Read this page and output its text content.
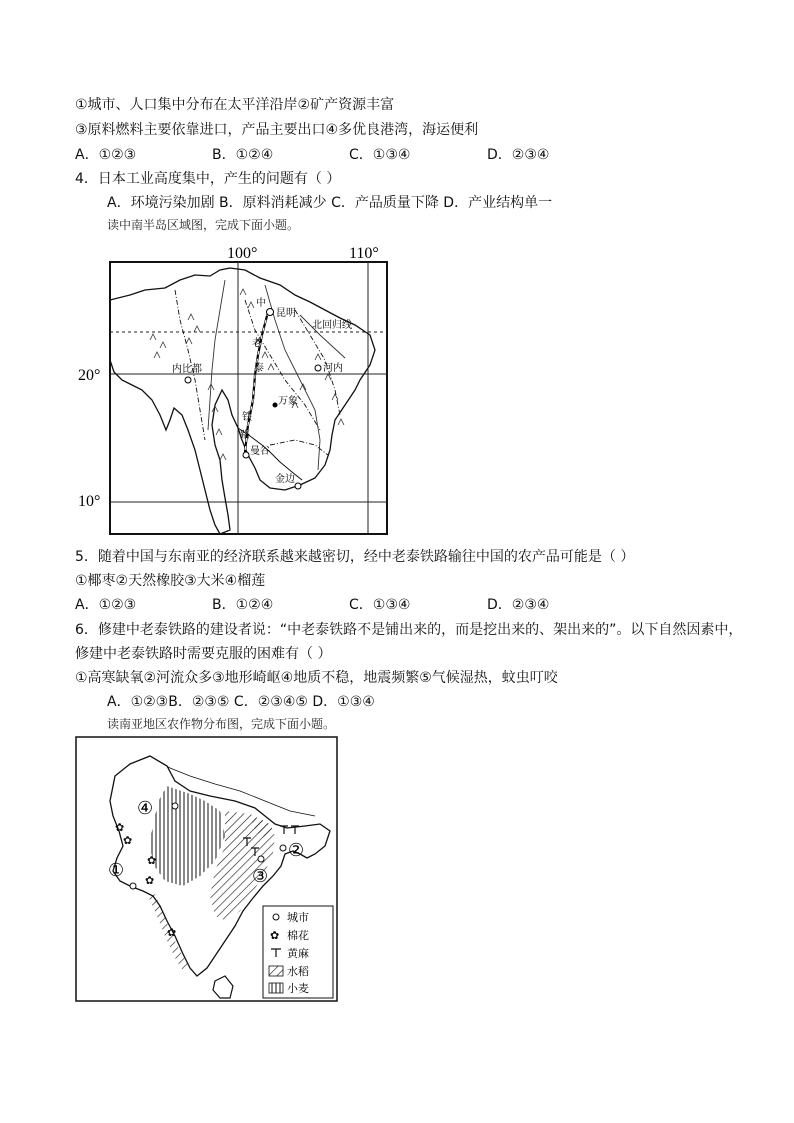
①城市、人口集中分布在太平洋沿岸②矿产资源丰富
③原料燃料主要依靠进口，产品主要出口④多优良港湾，海运便利
A．①②③	B．①②④	C．①③④	D．②③④
4．日本工业高度集中，产生的问题有（ ）
A．环境污染加剧 B．原料消耗减少 C．产品质量下降 D．产业结构单一
读中南半岛区域图，完成下面小题。
100°	110°
20°
10°
北回归线
昆明
中
老
泰
铁
路
河内
内比都
万象
曼谷
金边
5．随着中国与东南亚的经济联系越来越密切，经中老泰铁路输往中国的农产品可能是（ ）
①椰枣②天然橡胶③大米④榴莲
A．①②③	B．①②④	C．①③④	D．②③④
6．修建中老泰铁路的建设者说：“中老泰铁路不是铺出来的，而是挖出来的、架出来的”。以下自然因素中，
修建中老泰铁路时需要克服的困难有（ ）
①高寒缺氧②河流众多③地形崎岖④地质不稳，地震频繁⑤气候湿热，蚊虫叮咬
A．①②③B．②③⑤ C．②③④⑤ D．①③④
读南亚地区农作物分布图，完成下面小题。
✿
✿
✿
✿
✿
④
①
②
③
城市
✿ 棉花
黄麻
水稻
小麦
